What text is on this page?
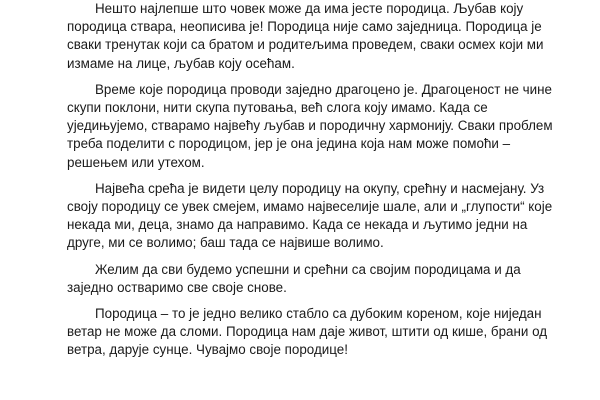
Нешто најлепше што човек може да има јесте породица. Љубав коју породица ствара, неописива је! Породица није само заједница. Породица је сваки тренутак који са братом и родитељима проведем, сваки осмех који ми измаме на лице, љубав коју осећам.

Време које породица проводи заједно драгоцено је. Драгоценост не чине скупи поклони, нити скупа путовања, већ слога коју имамо. Када се уједињујемо, стварамо највећу љубав и породичну хармонију. Сваки проблем треба поделити с породицом, јер је она једина која нам може помоћи – решењем или утехом.

Највећа срећа је видети целу породицу на окупу, срећну и насмејану. Уз своју породицу се увек смејем, имамо највеселије шале, али и „глупости“ које некада ми, деца, знамо да направимо. Када се некада и љутимо једни на друге, ми се волимо; баш тада се највише волимо.

Желим да сви будемо успешни и срећни са својим породицама и да заједно остваримо све своје снове.

Породица – то је једно велико стабло са дубоким кореном, које ниједан ветар не може да сломи. Породица нам даје живот, штити од кише, брани од ветра, дарује сунце. Чувајмо своје породице!
